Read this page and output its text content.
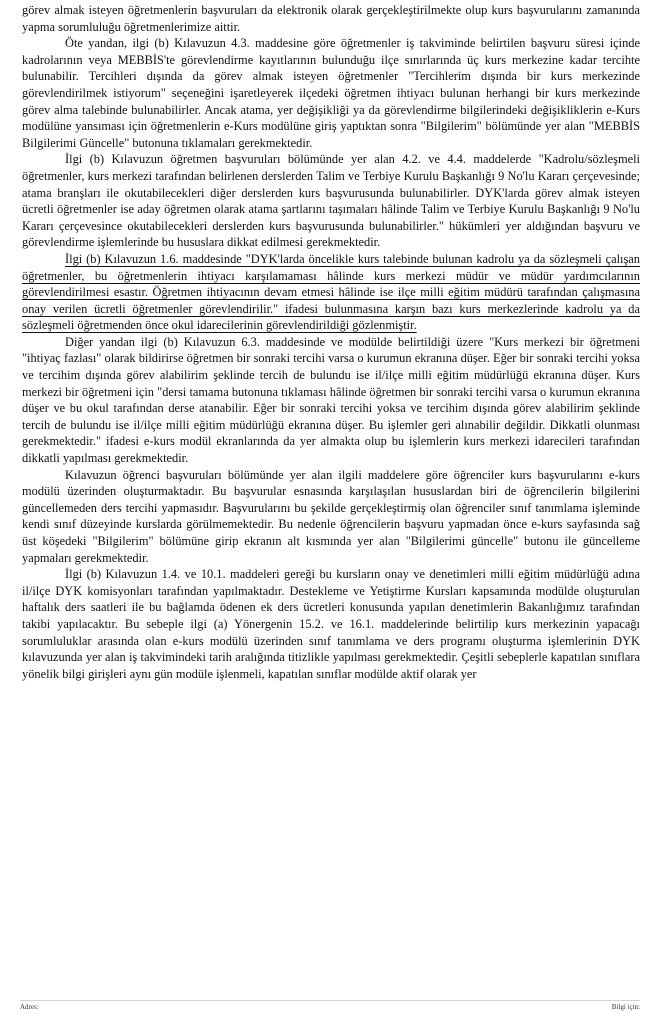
görev almak isteyen öğretmenlerin başvuruları da elektronik olarak gerçekleştirilmekte olup kurs başvurularını zamanında yapma sorumluluğu öğretmenlerimize aittir.

Öte yandan, ilgi (b) Kılavuzun 4.3. maddesine göre öğretmenler iş takviminde belirtilen başvuru süresi içinde kadrolarının veya MEBBİS'te görevlendirme kayıtlarının bulunduğu ilçe sınırlarında üç kurs merkezine kadar tercihte bulunabilir. Tercihleri dışında da görev almak isteyen öğretmenler "Tercihlerim dışında bir kurs merkezinde görevlendirilmek istiyorum" seçeneğini işaretleyerek ilçedeki öğretmen ihtiyacı bulunan herhangi bir kurs merkezinde görev alma talebinde bulunabilirler. Ancak atama, yer değişikliği ya da görevlendirme bilgilerindeki değişikliklerin e-Kurs modülüne yansıması için öğretmenlerin e-Kurs modülüne giriş yaptıktan sonra "Bilgilerim" bölümünde yer alan "MEBBİS Bilgilerimi Güncelle" butonuna tıklamaları gerekmektedir.

İlgi (b) Kılavuzun öğretmen başvuruları bölümünde yer alan 4.2. ve 4.4. maddelerde "Kadrolu/sözleşmeli öğretmenler, kurs merkezi tarafından belirlenen derslerden Talim ve Terbiye Kurulu Başkanlığı 9 No'lu Kararı çerçevesinde; atama branşları ile okutabilecekleri diğer derslerden kurs başvurusunda bulunabilirler. DYK'larda görev almak isteyen ücretli öğretmenler ise aday öğretmen olarak atama şartlarını taşımaları hâlinde Talim ve Terbiye Kurulu Başkanlığı 9 No'lu Kararı çerçevesince okutabilecekleri derslerden kurs başvurusunda bulunabilirler." hükümleri yer aldığından başvuru ve görevlendirme işlemlerinde bu hususlara dikkat edilmesi gerekmektedir.

İlgi (b) Kılavuzun 1.6. maddesinde "DYK'larda öncelikle kurs talebinde bulunan kadrolu ya da sözleşmeli çalışan öğretmenler, bu öğretmenlerin ihtiyacı karşılamaması hâlinde kurs merkezi müdür ve müdür yardımcılarının görevlendirilmesi esastır. Öğretmen ihtiyacının devam etmesi hâlinde ise ilçe milli eğitim müdürü tarafından çalışmasına onay verilen ücretli öğretmenler görevlendirilir." ifadesi bulunmasına karşın bazı kurs merkezlerinde kadrolu ya da sözleşmeli öğretmenden önce okul idarecilerinin görevlendirildiği gözlenmiştir.

Diğer yandan ilgi (b) Kılavuzun 6.3. maddesinde ve modülde belirtildiği üzere "Kurs merkezi bir öğretmeni "ihtiyaç fazlası" olarak bildirirse öğretmen bir sonraki tercihi varsa o kurumun ekranına düşer. Eğer bir sonraki tercihi yoksa ve tercihim dışında görev alabilirim şeklinde tercih de bulundu ise il/ilçe milli eğitim müdürlüğü ekranına düşer. Kurs merkezi bir öğretmeni için "dersi tamama butonuna tıklaması hâlinde öğretmen bir sonraki tercihi varsa o kurumun ekranına düşer ve bu okul tarafından derse atanabilir. Eğer bir sonraki tercihi yoksa ve tercihim dışında görev alabilirim şeklinde tercih de bulundu ise il/ilçe milli eğitim müdürlüğü ekranına düşer. Bu işlemler geri alınabilir değildir. Dikkatli olunması gerekmektedir." ifadesi e-kurs modül ekranlarında da yer almakta olup bu işlemlerin kurs merkezi idarecileri tarafından dikkatli yapılması gerekmektedir.

Kılavuzun öğrenci başvuruları bölümünde yer alan ilgili maddelere göre öğrenciler kurs başvurularını e-kurs modülü üzerinden oluşturmaktadır. Bu başvurular esnasında karşılaşılan hususlardan biri de öğrencilerin bilgilerini güncellemeden ders tercihi yapmasıdır. Başvurularını bu şekilde gerçekleştirmiş olan öğrenciler sınıf tanımlama işleminde kendi sınıf düzeyinde kurslarda görülmemektedir. Bu nedenle öğrencilerin başvuru yapmadan önce e-kurs sayfasında sağ üst köşedeki "Bilgilerim" bölümüne girip ekranın alt kısmında yer alan "Bilgilerimi güncelle" butonu ile güncelleme yapmaları gerekmektedir.

İlgi (b) Kılavuzun 1.4. ve 10.1. maddeleri gereği bu kursların onay ve denetimleri milli eğitim müdürlüğü adına il/ilçe DYK komisyonları tarafından yapılmaktadır. Destekleme ve Yetiştirme Kursları kapsamında modülde oluşturulan haftalık ders saatleri ile bu bağlamda ödenen ek ders ücretleri konusunda yapılan denetimlerin Bakanlığımız tarafından takibi yapılacaktır. Bu sebeple ilgi (a) Yönergenin 15.2. ve 16.1. maddelerinde belirtilip kurs merkezinin yapacağı sorumluluklar arasında olan e-kurs modülü üzerinden sınıf tanımlama ve ders programı oluşturma işlemlerinin DYK kılavuzunda yer alan iş takvimindeki tarih aralığında titizlikle yapılması gerekmektedir. Çeşitli sebeplerle kapatılan sınıflara yönelik bilgi girişleri aynı gün modüle işlenmeli, kapatılan sınıflar modülde aktif olarak yer

Adres:	Bilgi için:
